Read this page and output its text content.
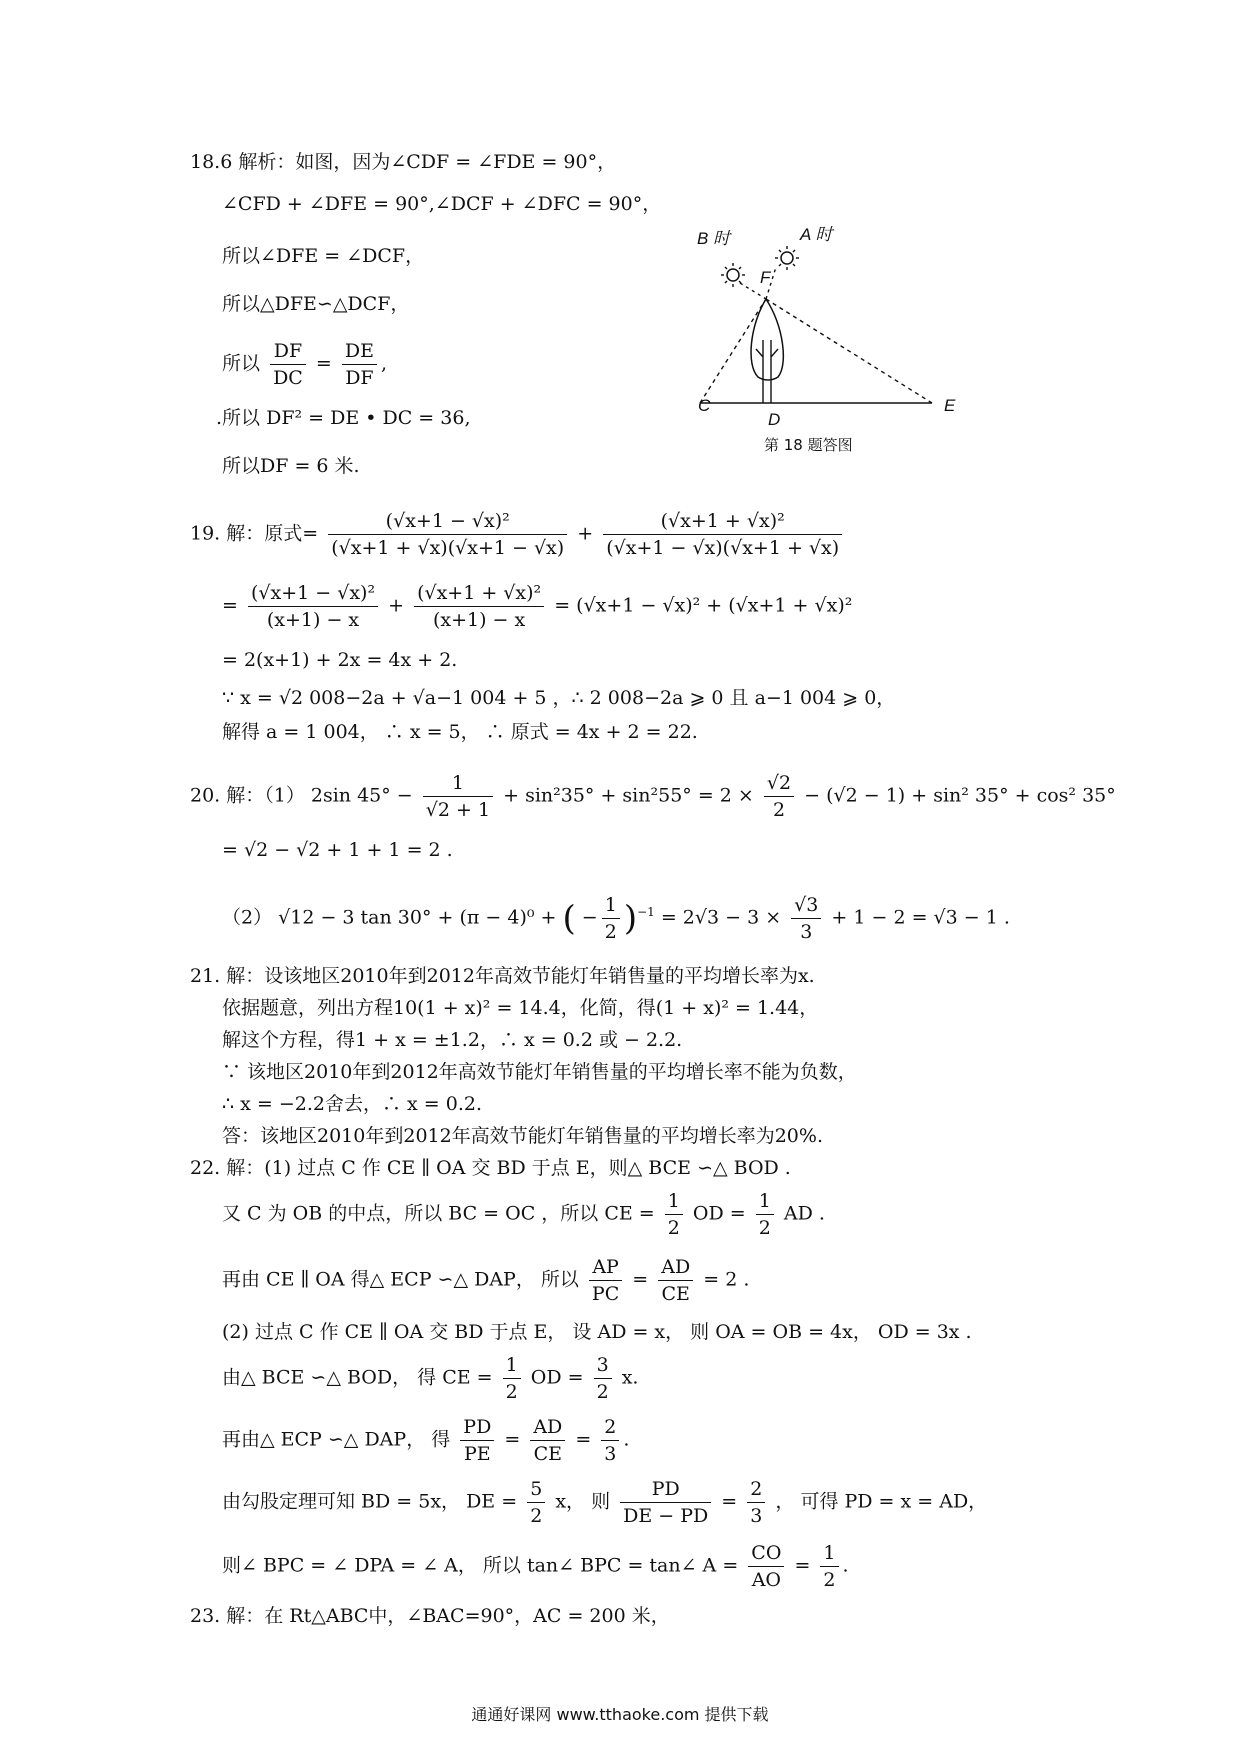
18.6 解析：如图，因为∠CDF = ∠FDE = 90°，
∠CFD + ∠DFE = 90°,∠DCF + ∠DFC = 90°，
所以∠DFE = ∠DCF，
所以△DFE∽△DCF，
所以 $\frac{DF}{DC} = \frac{DE}{DF}$ ,
.所以 DF² = DE • DC = 36,
所以DF = 6 米.
B 时	A 时
F
C
D
E
第 18 题答图
19. 解：原式= $\frac{\text{(√x+1 − √x)²}}{(√x+1 + √x)(√x+1 - √x)} + \frac{\text{(√x+1 + √x)²}}{(√x+1 - √x)(√x+1 + √x)}$
= $\frac{\text{(√x+1 − √x)²}}{(x+1) - x} + \frac{\text{(√x+1 + √x)²}}{(x+1) - x} = (√x+1 - √x)^2 + (√x+1 + √x)^2$
= 2(x+1) + 2x = 4x + 2.
∵ x = √2 008−2a + √a−1 004 + 5 ，∴ 2 008−2a ⩾ 0 且 a−1 004 ⩾ 0，
解得 a = 1 004， ∴ x = 5， ∴ 原式 = 4x + 2 = 22.
20. 解：（1） 2sin $45^\circ - \frac{1}{√2 + 1} + \sin^235^\circ + \sin^255^\circ = 2 \times \frac{√2}{2} - (√2 - 1) + \sin^2$ 35° + cos² 35°
= √2 − √2 + 1 + 1 = 2 .
（2） √12 − 3 tan 30° + (π − 4)⁰ + ( − $\frac{1}{2} )^{-1} = 2√3 - 3 \times \frac{√3}{3} + 1 - 2 = √3 - 1$ .
21. 解：设该地区2010年到2012年高效节能灯年销售量的平均增长率为x.
依据题意，列出方程10(1 + x)² = 14.4，化简，得(1 + x)² = 1.44，
解这个方程，得1 + x = ±1.2，∴ x = 0.2 或 − 2.2.
∵ 该地区2010年到2012年高效节能灯年销售量的平均增长率不能为负数，
∴ x = −2.2舍去，∴ x = 0.2.
答：该地区2010年到2012年高效节能灯年销售量的平均增长率为20%.
22. 解：(1) 过点 C 作 CE ∥ OA 交 BD 于点 E，则△ BCE ∽△ BOD .
又 C 为 OB 的中点，所以 BC = OC ，所以 CE = $\frac{1}{2}$ OD = $\frac{1}{2}$ AD .
再由 CE ∥ OA 得△ ECP ∽△ DAP， 所以 $\frac{AP}{PC} = \frac{AD}{CE} = 2$ .
(2) 过点 C 作 CE ∥ OA 交 BD 于点 E， 设 AD = x， 则 OA = OB = 4x， OD = 3x .
由△ BCE ∽△ BOD， 得 CE = $\frac{1}{2}$ OD = $\frac{3}{2} x$.
再由△ ECP ∽△ DAP， 得 $\frac{PD}{PE} = \frac{AD}{CE} = \frac{2}{3}$ .
由勾股定理可知 BD = 5x， DE = $\frac{5}{2}$ x， 则 $\frac{PD}{DE - PD} = \frac{2}{3}$ ， 可得 PD = x = AD，
则∠ BPC = ∠ DPA = ∠ A， 所以 tan∠ BPC = tan∠ $A = \frac{CO}{AO} = \frac{1}{2}$ .
23. 解：在 Rt△ABC中，∠BAC=90°，AC = 200 米，
通通好课网 www.tthaoke.com 提供下载
